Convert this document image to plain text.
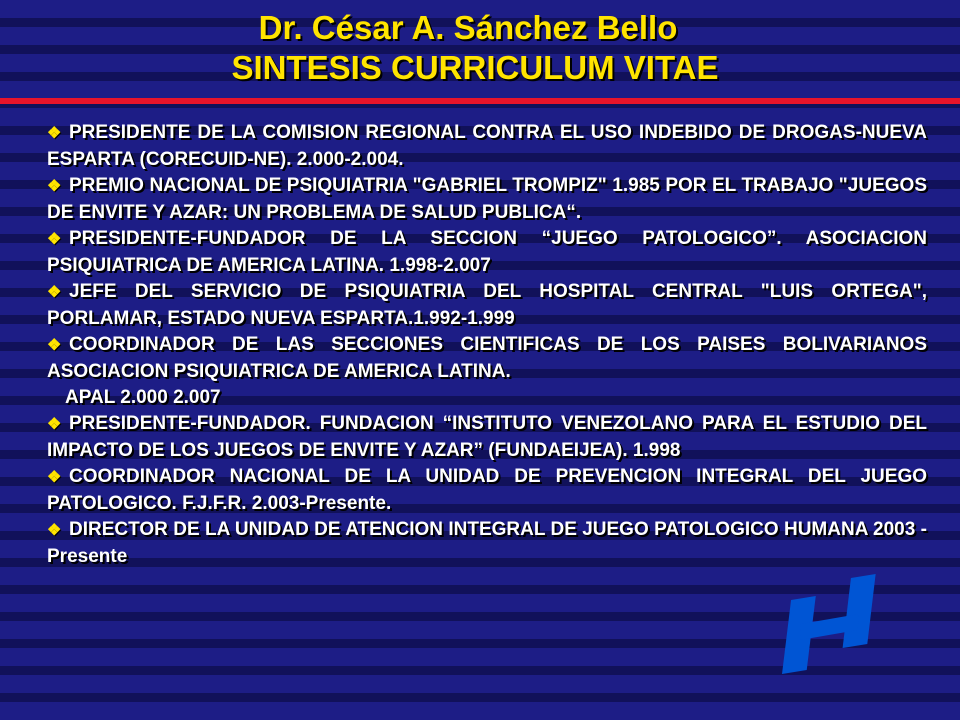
Dr. César A. Sánchez Bello
SINTESIS CURRICULUM VITAE

❖ PRESIDENTE DE LA COMISION REGIONAL CONTRA EL USO INDEBIDO DE DROGAS-NUEVA ESPARTA (CORECUID-NE). 2.000-2.004.

❖ PREMIO NACIONAL DE PSIQUIATRIA "GABRIEL TROMPIZ" 1.985 POR EL TRABAJO "JUEGOS DE ENVITE Y AZAR: UN PROBLEMA DE SALUD PUBLICA“.

❖ PRESIDENTE-FUNDADOR DE LA SECCION “JUEGO PATOLOGICO”. ASOCIACION PSIQUIATRICA DE AMERICA LATINA. 1.998-2.007

❖ JEFE DEL SERVICIO DE PSIQUIATRIA DEL HOSPITAL CENTRAL "LUIS ORTEGA", PORLAMAR, ESTADO NUEVA ESPARTA.1.992-1.999

❖ COORDINADOR DE LAS SECCIONES CIENTIFICAS DE LOS PAISES BOLIVARIANOS ASOCIACION PSIQUIATRICA DE AMERICA LATINA.

APAL 2.000 2.007

❖ PRESIDENTE-FUNDADOR. FUNDACION “INSTITUTO VENEZOLANO PARA EL ESTUDIO DEL IMPACTO DE LOS JUEGOS DE ENVITE Y AZAR” (FUNDAEIJEA). 1.998

❖ COORDINADOR NACIONAL DE LA UNIDAD DE PREVENCION INTEGRAL DEL JUEGO PATOLOGICO. F.J.F.R. 2.003-Presente.

❖ DIRECTOR DE LA UNIDAD DE ATENCION INTEGRAL DE JUEGO PATOLOGICO HUMANA 2003 - Presente
